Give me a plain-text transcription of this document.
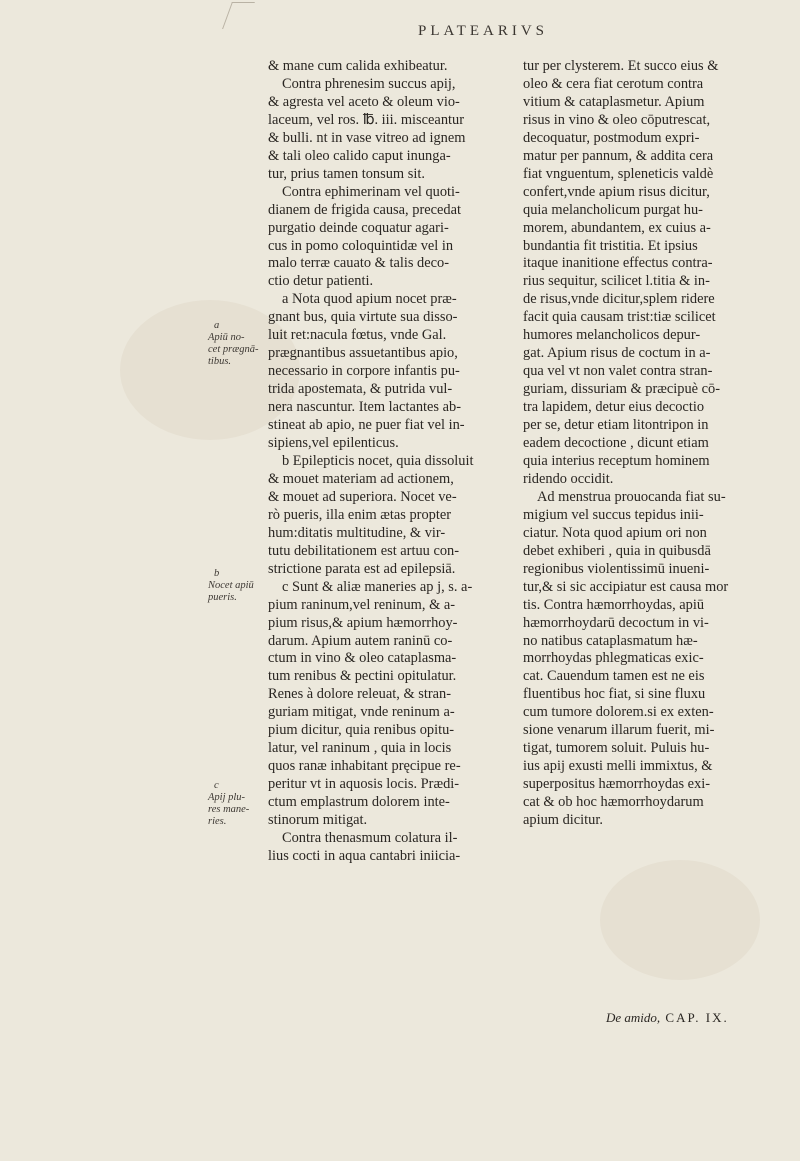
PLATEARIVS
& mane cum calida exhibeatur.
Contra phrenesim succus apij,
& agresta vel aceto & oleum vio-
laceum, vel ros. ℔. iii. misceantur
& bulli. nt in vase vitreo ad ignem
& tali oleo calido caput inunga-
tur, prius tamen tonsum sit.
Contra ephimerinam vel quoti-
dianem de frigida causa, precedat
purgatio deinde coquatur agari-
cus in pomo coloquintidæ vel in
malo terræ cauato & talis deco-
ctio detur patienti.
a Nota quod apium nocet præ-
gnant bus, quia virtute sua disso-
luit ret:nacula fœtus, vnde Gal.
prægnantibus assuetantibus apio,
necessario in corpore infantis pu-
trida apostemata, & putrida vul-
nera nascuntur. Item lactantes ab-
stineat ab apio, ne puer fiat vel in-
sipiens,vel epilenticus.
b Epilepticis nocet, quia dissoluit
& mouet materiam ad actionem,
& mouet ad superiora. Nocet ve-
rò pueris, illa enim ætas propter
hum:ditatis multitudine, & vir-
tutu debilitationem est artuu con-
strictione parata est ad epilepsiā.
c Sunt & aliæ maneries ap j, s. a-
pium raninum,vel reninum, & a-
pium risus,& apium hæmorrhoy-
darum. Apium autem raninū co-
ctum in vino & oleo cataplasma-
tum renibus & pectini opitulatur.
Renes à dolore releuat, & stran-
guriam mitigat, vnde reninum a-
pium dicitur, quia renibus opitu-
latur, vel raninum , quia in locis
quos ranæ inhabitant pręcipue re-
peritur vt in aquosis locis. Prædi-
ctum emplastrum dolorem inte-
stinorum mitigat.
Contra thenasmum colatura il-
lius cocti in aqua cantabri iniicia-
tur per clysterem. Et succo eius &
oleo & cera fiat cerotum contra
vitium & cataplasmetur. Apium
risus in vino & oleo cōputrescat,
decoquatur, postmodum expri-
matur per pannum, & addita cera
fiat vnguentum, splenеticis valdè
confert,vnde apium risus dicitur,
quia melancholicum purgat hu-
morem, abundantem, ex cuius a-
bundantia fit tristitia. Et ipsius
itaque inanitione effectus contra-
rius sequitur, scilicet l.titia & in-
de risus,vnde dicitur,splem ridere
facit quia causam trist:tiæ scilicet
humores melancholicos depur-
gat. Apium risus de coctum in a-
qua vel vt non valet contra stran-
guriam, dissuriam & præcipuè cō-
tra lapidem, detur eius decoctio
per se, detur etiam litontripon in
eadem decoctione , dicunt etiam
quia interius receptum hominem
ridendo occidit.
Ad menstrua prouocanda fiat su-
migium vel succus tepidus inii-
ciatur. Nota quod apium ori non
debet exhiberi , quia in quibusdā
regionibus violentissimū inueni-
tur,& si sic accipiatur est causa mor
tis. Contra hæmorrhoydas, apiū
hæmorrhoydarū decoctum in vi-
no natibus cataplasmatum hæ-
morrhoydas phlegmaticas exic-
cat. Cauendum tamen est ne eis
fluentibus hoc fiat, si sine fluxu
cum tumore dolorem.si ex exten-
sione venarum illarum fuerit, mi-
tigat, tumorem soluit. Puluis hu-
ius apij exusti melli immixtus, &
superpositus hæmorrhoydas exi-
cat & ob hoc hæmorrhoydarum
apium dicitur.
a
Apiū no-
cet prægnā-
tibus.
b
Nocet apiū
pueris.
c
Apij plu-
res mane-
ries.
De amido, CAP. IX.
